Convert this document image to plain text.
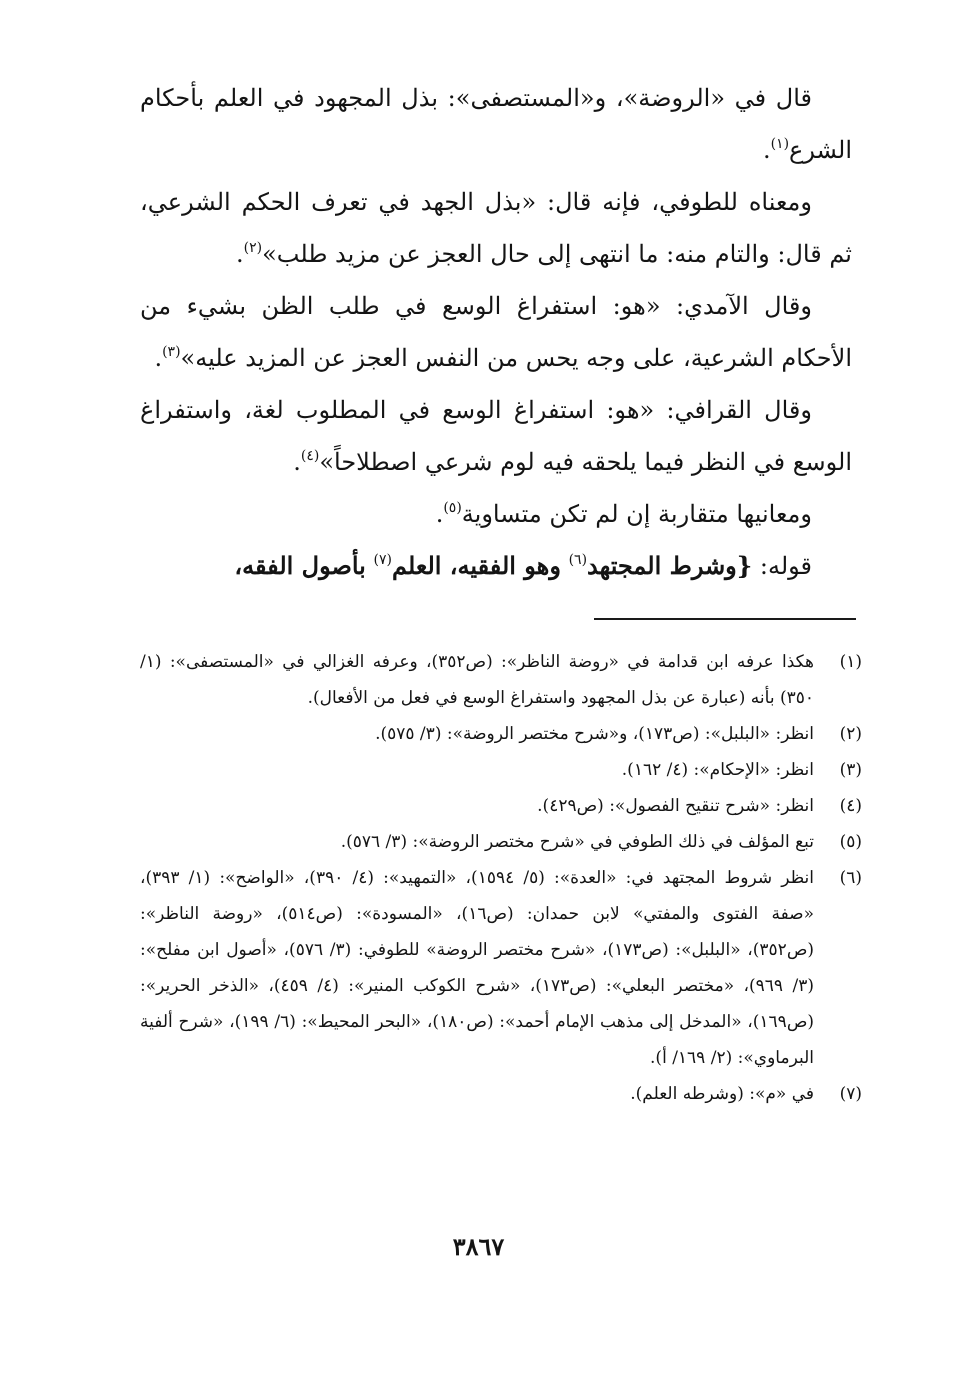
قال في «الروضة»، و«المستصفى»: بذل المجهود في العلم بأحكام الشرع$^{(١)}$.

ومعناه للطوفي، فإنه قال: «بذل الجهد في تعرف الحكم الشرعي، ثم قال: والتام منه: ما انتهى إلى حال العجز عن مزيد طلب»$^{(٢)}$.

وقال الآمدي: «هو: استفراغ الوسع في طلب الظن بشيء من الأحكام الشرعية، على وجه يحس من النفس العجز عن المزيد عليه»$^{(٣)}$.

وقال القرافي: «هو: استفراغ الوسع في المطلوب لغة، واستفراغ الوسع في النظر فيما يلحقه فيه لوم شرعي اصطلاحاً»$^{(٤)}$.

ومعانيها متقاربة إن لم تكن متساوية$^{(٥)}$.

قوله: {وشرط المجتهد$^{(٦)}$ وهو الفقيه، العلم$^{(٧)}$ بأصول الفقه،

(١)
هكذا عرفه ابن قدامة في «روضة الناظر»: (ص٣٥٢)، وعرفه الغزالي في «المستصفى»: (١/ ٣٥٠) بأنه (عبارة عن بذل المجهود واستفراغ الوسع في فعل من الأفعال).
(٢)
انظر: «البلبل»: (ص١٧٣)، و«شرح مختصر الروضة»: (٣/ ٥٧٥).
(٣)
انظر: «الإحكام»: (٤/ ١٦٢).
(٤)
انظر: «شرح تنقيح الفصول»: (ص٤٢٩).
(٥)
تبع المؤلف في ذلك الطوفي في «شرح مختصر الروضة»: (٣/ ٥٧٦).
(٦)
انظر شروط المجتهد في: «العدة»: (٥/ ١٥٩٤)، «التمهيد»: (٤/ ٣٩٠)، «الواضح»: (١/ ٣٩٣)، «صفة الفتوى والمفتي» لابن حمدان: (ص١٦)، «المسودة»: (ص٥١٤)، «روضة الناظر»: (ص٣٥٢)، «البلبل»: (ص١٧٣)، «شرح مختصر الروضة» للطوفي: (٣/ ٥٧٦)، «أصول ابن مفلح»: (٣/ ٩٦٩)، «مختصر البعلي»: (ص١٧٣)، «شرح الكوكب المنير»: (٤/ ٤٥٩)، «الذخر الحرير»: (ص١٦٩)، «المدخل إلى مذهب الإمام أحمد»: (ص١٨٠)، «البحر المحيط»: (٦/ ١٩٩)، «شرح ألفية البرماوي»: (٢/ ١٦٩/ أ).
(٧)
في «م»: (وشرطه العلم).
٣٨٦٧
